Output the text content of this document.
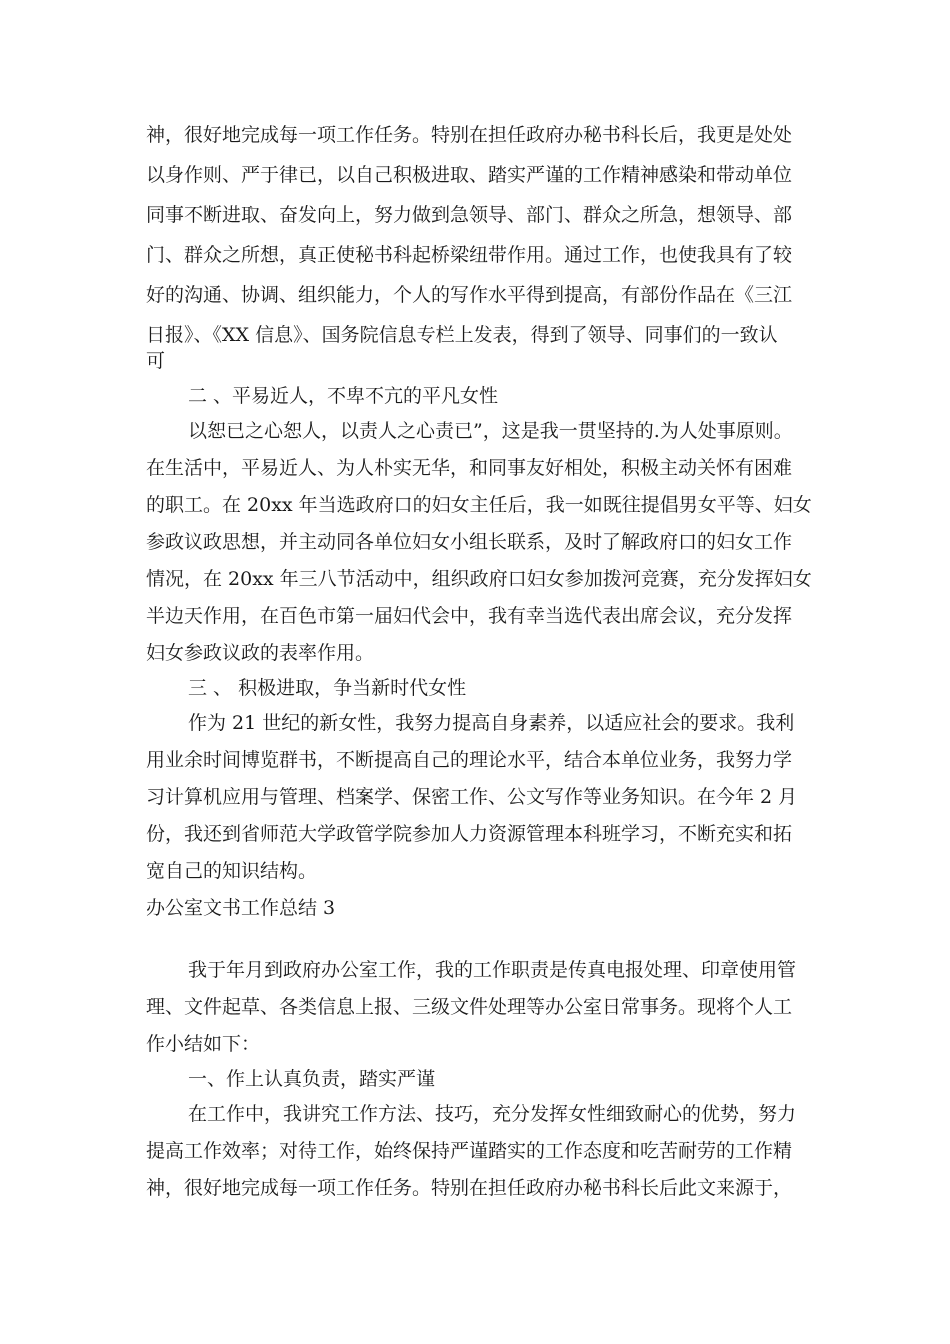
神，很好地完成每一项工作任务。特别在担任政府办秘书科长后，我更是处处
以身作则、严于律已，以自己积极进取、踏实严谨的工作精神感染和带动单位
同事不断进取、奋发向上，努力做到急领导、部门、群众之所急，想领导、部
门、群众之所想，真正使秘书科起桥梁纽带作用。通过工作，也使我具有了较
好的沟通、协调、组织能力，个人的写作水平得到提高，有部份作品在《三江
日报》、《XX 信息》、国务院信息专栏上发表，得到了领导、同事们的一致认
可
二 、平易近人，不卑不亢的平凡女性
以恕已之心恕人，以责人之心责已”，这是我一贯坚持的.为人处事原则。
在生活中，平易近人、为人朴实无华，和同事友好相处，积极主动关怀有困难
的职工。在 20xx 年当选政府口的妇女主任后，我一如既往提倡男女平等、妇女
参政议政思想，并主动同各单位妇女小组长联系，及时了解政府口的妇女工作
情况，在 20xx 年三八节活动中，组织政府口妇女参加拨河竞赛，充分发挥妇女
半边天作用，在百色市第一届妇代会中，我有幸当选代表出席会议，充分发挥
妇女参政议政的表率作用。
三 、 积极进取，争当新时代女性
作为 21 世纪的新女性，我努力提高自身素养，以适应社会的要求。我利
用业余时间博览群书，不断提高自己的理论水平，结合本单位业务，我努力学
习计算机应用与管理、档案学、保密工作、公文写作等业务知识。在今年 2 月
份，我还到省师范大学政管学院参加人力资源管理本科班学习，不断充实和拓
宽自己的知识结构。
办公室文书工作总结 3
我于年月到政府办公室工作，我的工作职责是传真电报处理、印章使用管
理、文件起草、各类信息上报、三级文件处理等办公室日常事务。现将个人工
作小结如下：
一、作上认真负责，踏实严谨
在工作中，我讲究工作方法、技巧，充分发挥女性细致耐心的优势，努力
提高工作效率；对待工作，始终保持严谨踏实的工作态度和吃苦耐劳的工作精
神，很好地完成每一项工作任务。特别在担任政府办秘书科长后此文来源于，
